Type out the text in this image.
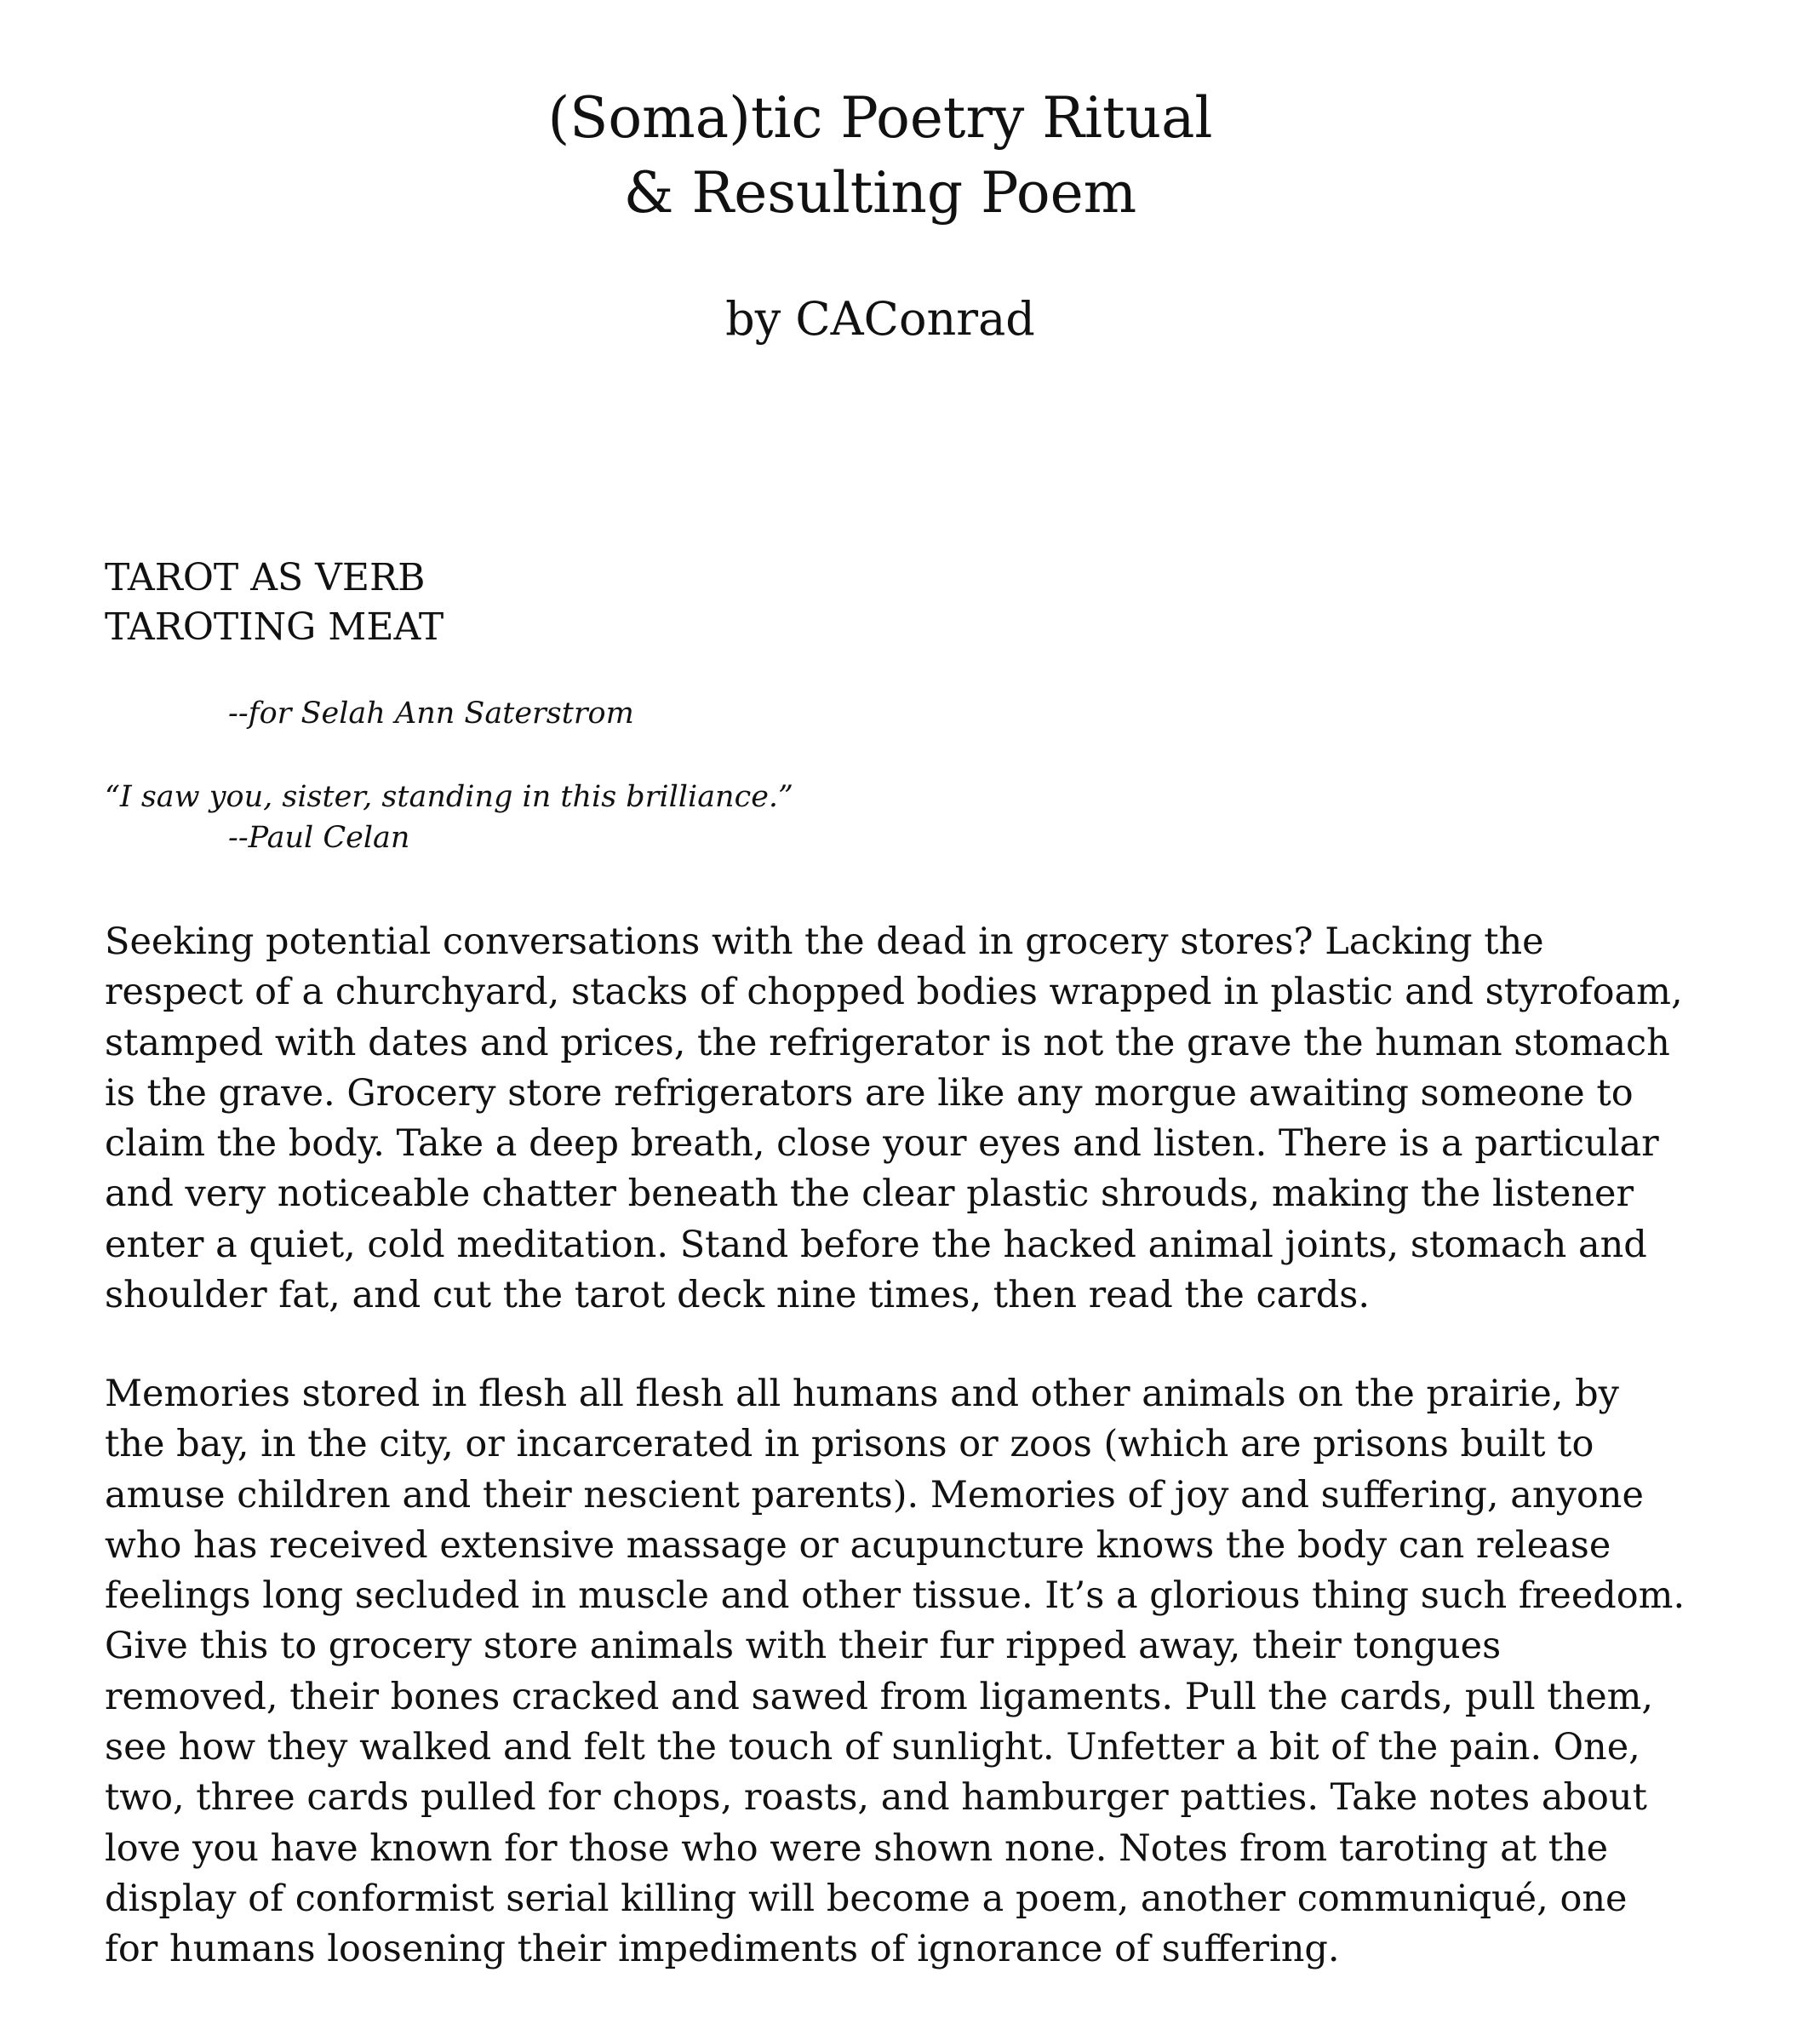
(Soma)tic Poetry Ritual
& Resulting Poem
by CAConrad
TAROT AS VERB
TAROTING MEAT
--for Selah Ann Saterstrom
“I saw you, sister, standing in this brilliance.”
--Paul Celan
Seeking potential conversations with the dead in grocery stores? Lacking the
respect of a churchyard, stacks of chopped bodies wrapped in plastic and styrofoam,
stamped with dates and prices, the refrigerator is not the grave the human stomach
is the grave. Grocery store refrigerators are like any morgue awaiting someone to
claim the body. Take a deep breath, close your eyes and listen. There is a particular
and very noticeable chatter beneath the clear plastic shrouds, making the listener
enter a quiet, cold meditation. Stand before the hacked animal joints, stomach and
shoulder fat, and cut the tarot deck nine times, then read the cards.
Memories stored in flesh all flesh all humans and other animals on the prairie, by
the bay, in the city, or incarcerated in prisons or zoos (which are prisons built to
amuse children and their nescient parents). Memories of joy and suffering, anyone
who has received extensive massage or acupuncture knows the body can release
feelings long secluded in muscle and other tissue. It’s a glorious thing such freedom.
Give this to grocery store animals with their fur ripped away, their tongues
removed, their bones cracked and sawed from ligaments. Pull the cards, pull them,
see how they walked and felt the touch of sunlight. Unfetter a bit of the pain. One,
two, three cards pulled for chops, roasts, and hamburger patties. Take notes about
love you have known for those who were shown none. Notes from taroting at the
display of conformist serial killing will become a poem, another communiqué, one
for humans loosening their impediments of ignorance of suffering.
